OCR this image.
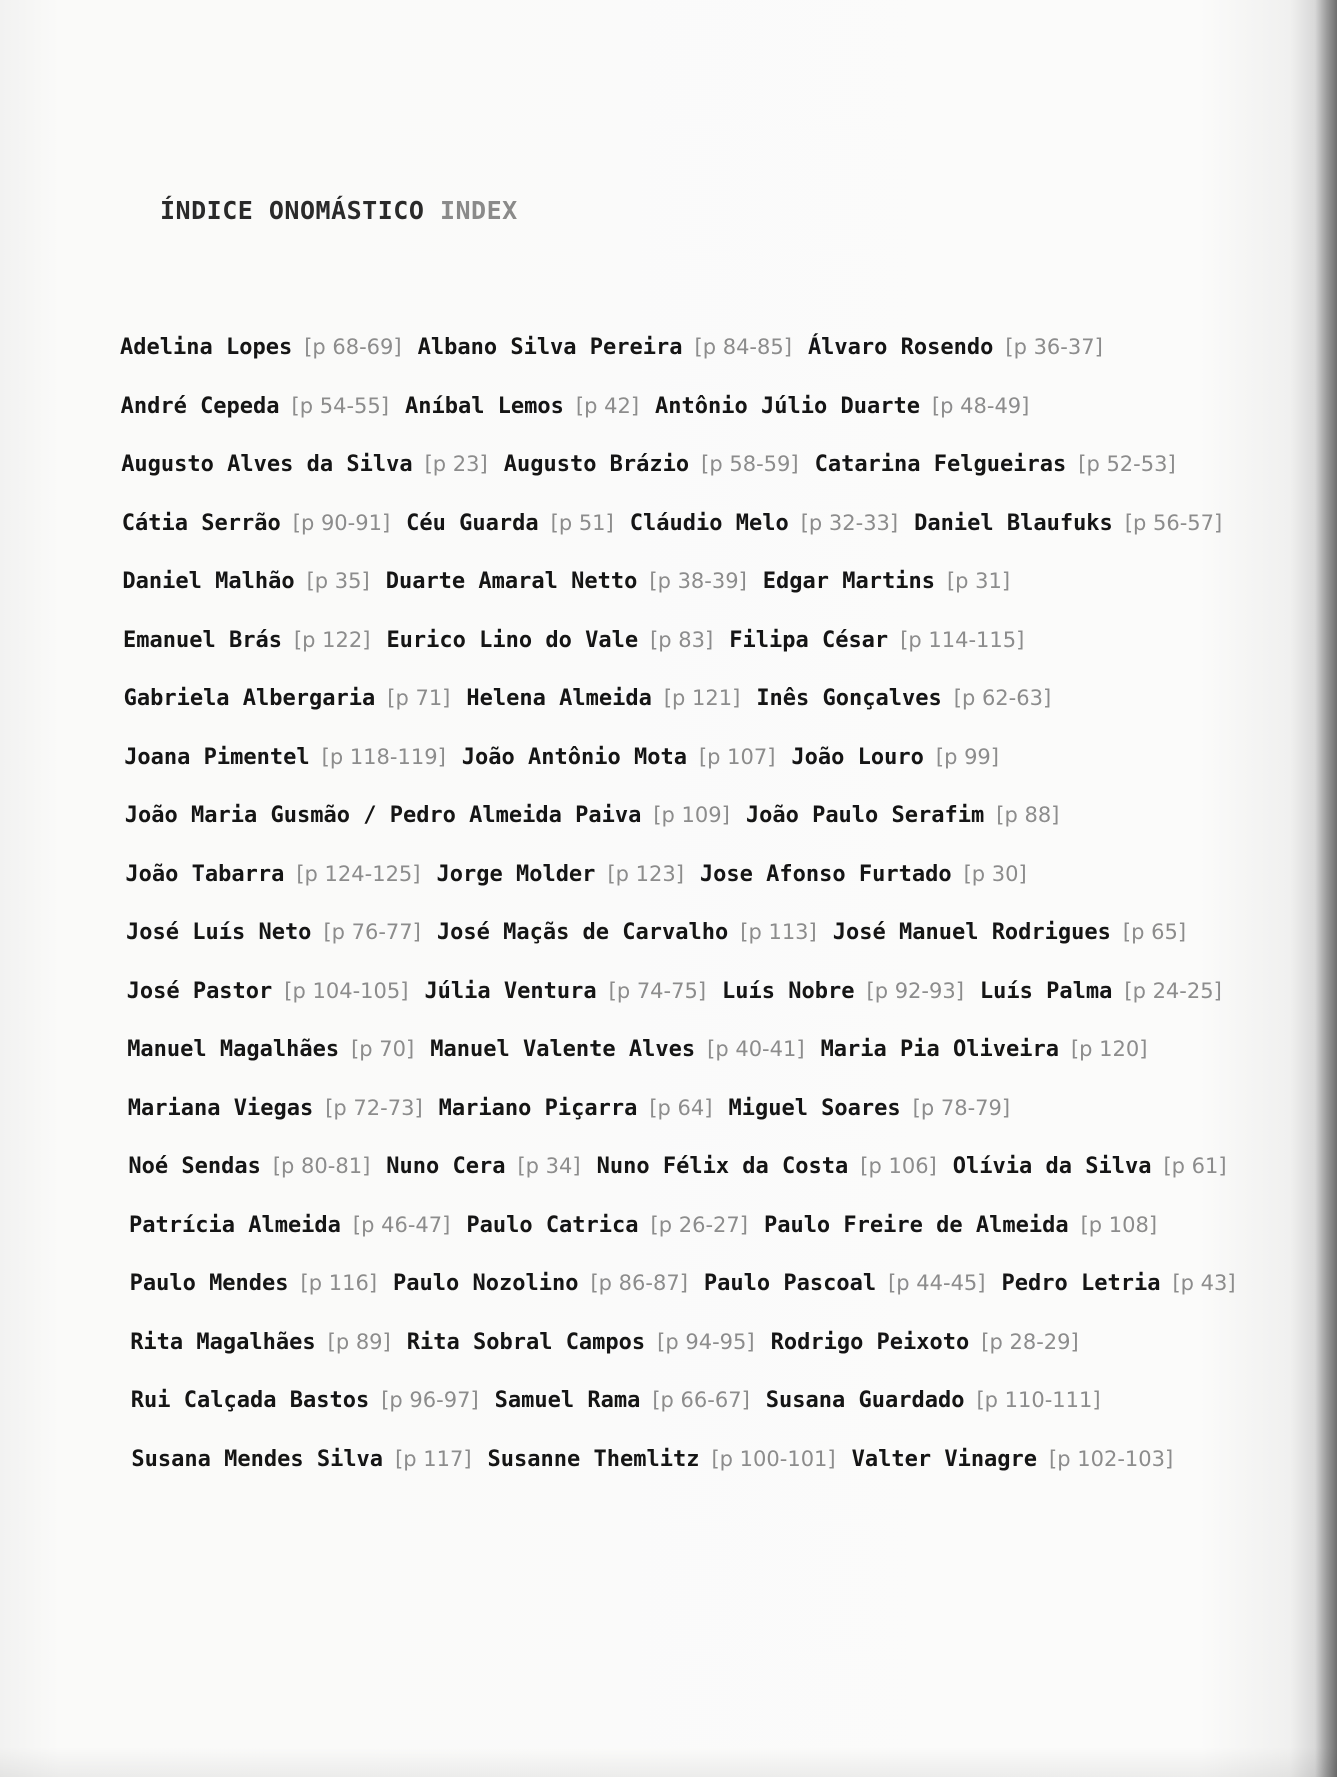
ÍNDICE ONOMÁSTICO INDEX
Adelina Lopes [p 68-69] Albano Silva Pereira [p 84-85] Álvaro Rosendo [p 36-37]
André Cepeda [p 54-55] Aníbal Lemos [p 42] Antônio Júlio Duarte [p 48-49]
Augusto Alves da Silva [p 23] Augusto Brázio [p 58-59] Catarina Felgueiras [p 52-53]
Cátia Serrão [p 90-91] Céu Guarda [p 51] Cláudio Melo [p 32-33] Daniel Blaufuks [p 56-57]
Daniel Malhão [p 35] Duarte Amaral Netto [p 38-39] Edgar Martins [p 31]
Emanuel Brás [p 122] Eurico Lino do Vale [p 83] Filipa César [p 114-115]
Gabriela Albergaria [p 71] Helena Almeida [p 121] Inês Gonçalves [p 62-63]
Joana Pimentel [p 118-119] João Antônio Mota [p 107] João Louro [p 99]
João Maria Gusmão / Pedro Almeida Paiva [p 109] João Paulo Serafim [p 88]
João Tabarra [p 124-125] Jorge Molder [p 123] Jose Afonso Furtado [p 30]
José Luís Neto [p 76-77] José Maçãs de Carvalho [p 113] José Manuel Rodrigues [p 65]
José Pastor [p 104-105] Júlia Ventura [p 74-75] Luís Nobre [p 92-93] Luís Palma [p 24-25]
Manuel Magalhães [p 70] Manuel Valente Alves [p 40-41] Maria Pia Oliveira [p 120]
Mariana Viegas [p 72-73] Mariano Piçarra [p 64] Miguel Soares [p 78-79]
Noé Sendas [p 80-81] Nuno Cera [p 34] Nuno Félix da Costa [p 106] Olívia da Silva [p 61]
Patrícia Almeida [p 46-47] Paulo Catrica [p 26-27] Paulo Freire de Almeida [p 108]
Paulo Mendes [p 116] Paulo Nozolino [p 86-87] Paulo Pascoal [p 44-45] Pedro Letria [p 43]
Rita Magalhães [p 89] Rita Sobral Campos [p 94-95] Rodrigo Peixoto [p 28-29]
Rui Calçada Bastos [p 96-97] Samuel Rama [p 66-67] Susana Guardado [p 110-111]
Susana Mendes Silva [p 117] Susanne Themlitz [p 100-101] Valter Vinagre [p 102-103]
